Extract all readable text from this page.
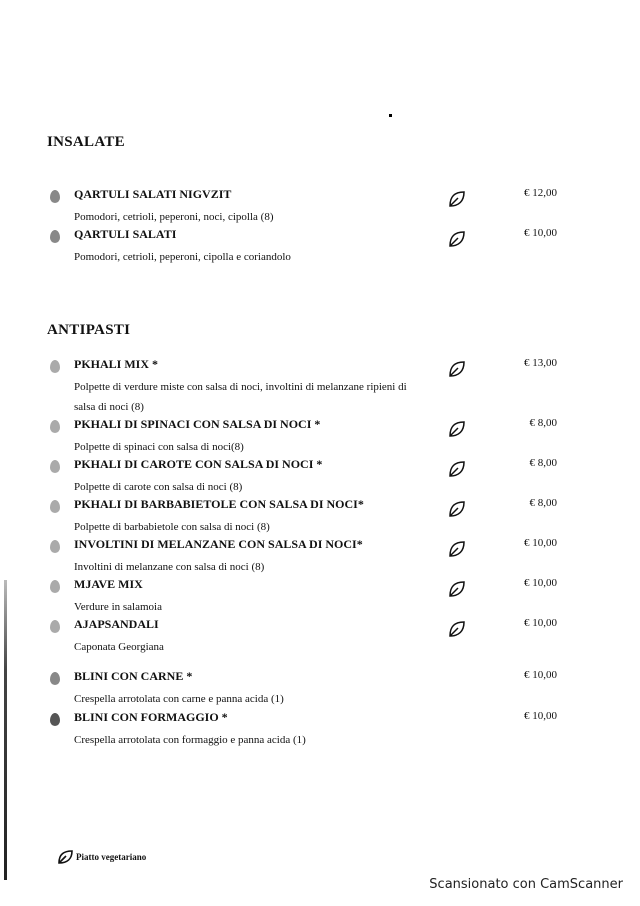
INSALATE
ANTIPASTI
QARTULI SALATI NIGVZIT
Pomodori, cetrioli, peperoni, noci, cipolla (8)
€ 12,00
QARTULI SALATI
Pomodori, cetrioli, peperoni, cipolla e coriandolo
€ 10,00
PKHALI MIX *
Polpette di verdure miste con salsa di noci, involtini di melanzane ripieni di salsa di noci (8)
€ 13,00
PKHALI DI SPINACI CON SALSA DI NOCI *
Polpette di spinaci con salsa di noci(8)
€ 8,00
PKHALI DI CAROTE CON SALSA DI NOCI *
Polpette di carote con salsa di noci (8)
€ 8,00
PKHALI DI BARBABIETOLE CON SALSA DI NOCI*
Polpette di barbabietole con salsa di noci (8)
€ 8,00
INVOLTINI DI MELANZANE CON SALSA DI NOCI*
Involtini di melanzane con salsa di noci (8)
€ 10,00
MJAVE MIX
Verdure in salamoia
€ 10,00
AJAPSANDALI
Caponata Georgiana
€ 10,00
BLINI CON CARNE *
Crespella arrotolata con carne e panna acida (1)
€ 10,00
BLINI CON FORMAGGIO *
Crespella arrotolata con formaggio e panna acida (1)
€ 10,00
Piatto vegetariano
Scansionato con CamScanner
